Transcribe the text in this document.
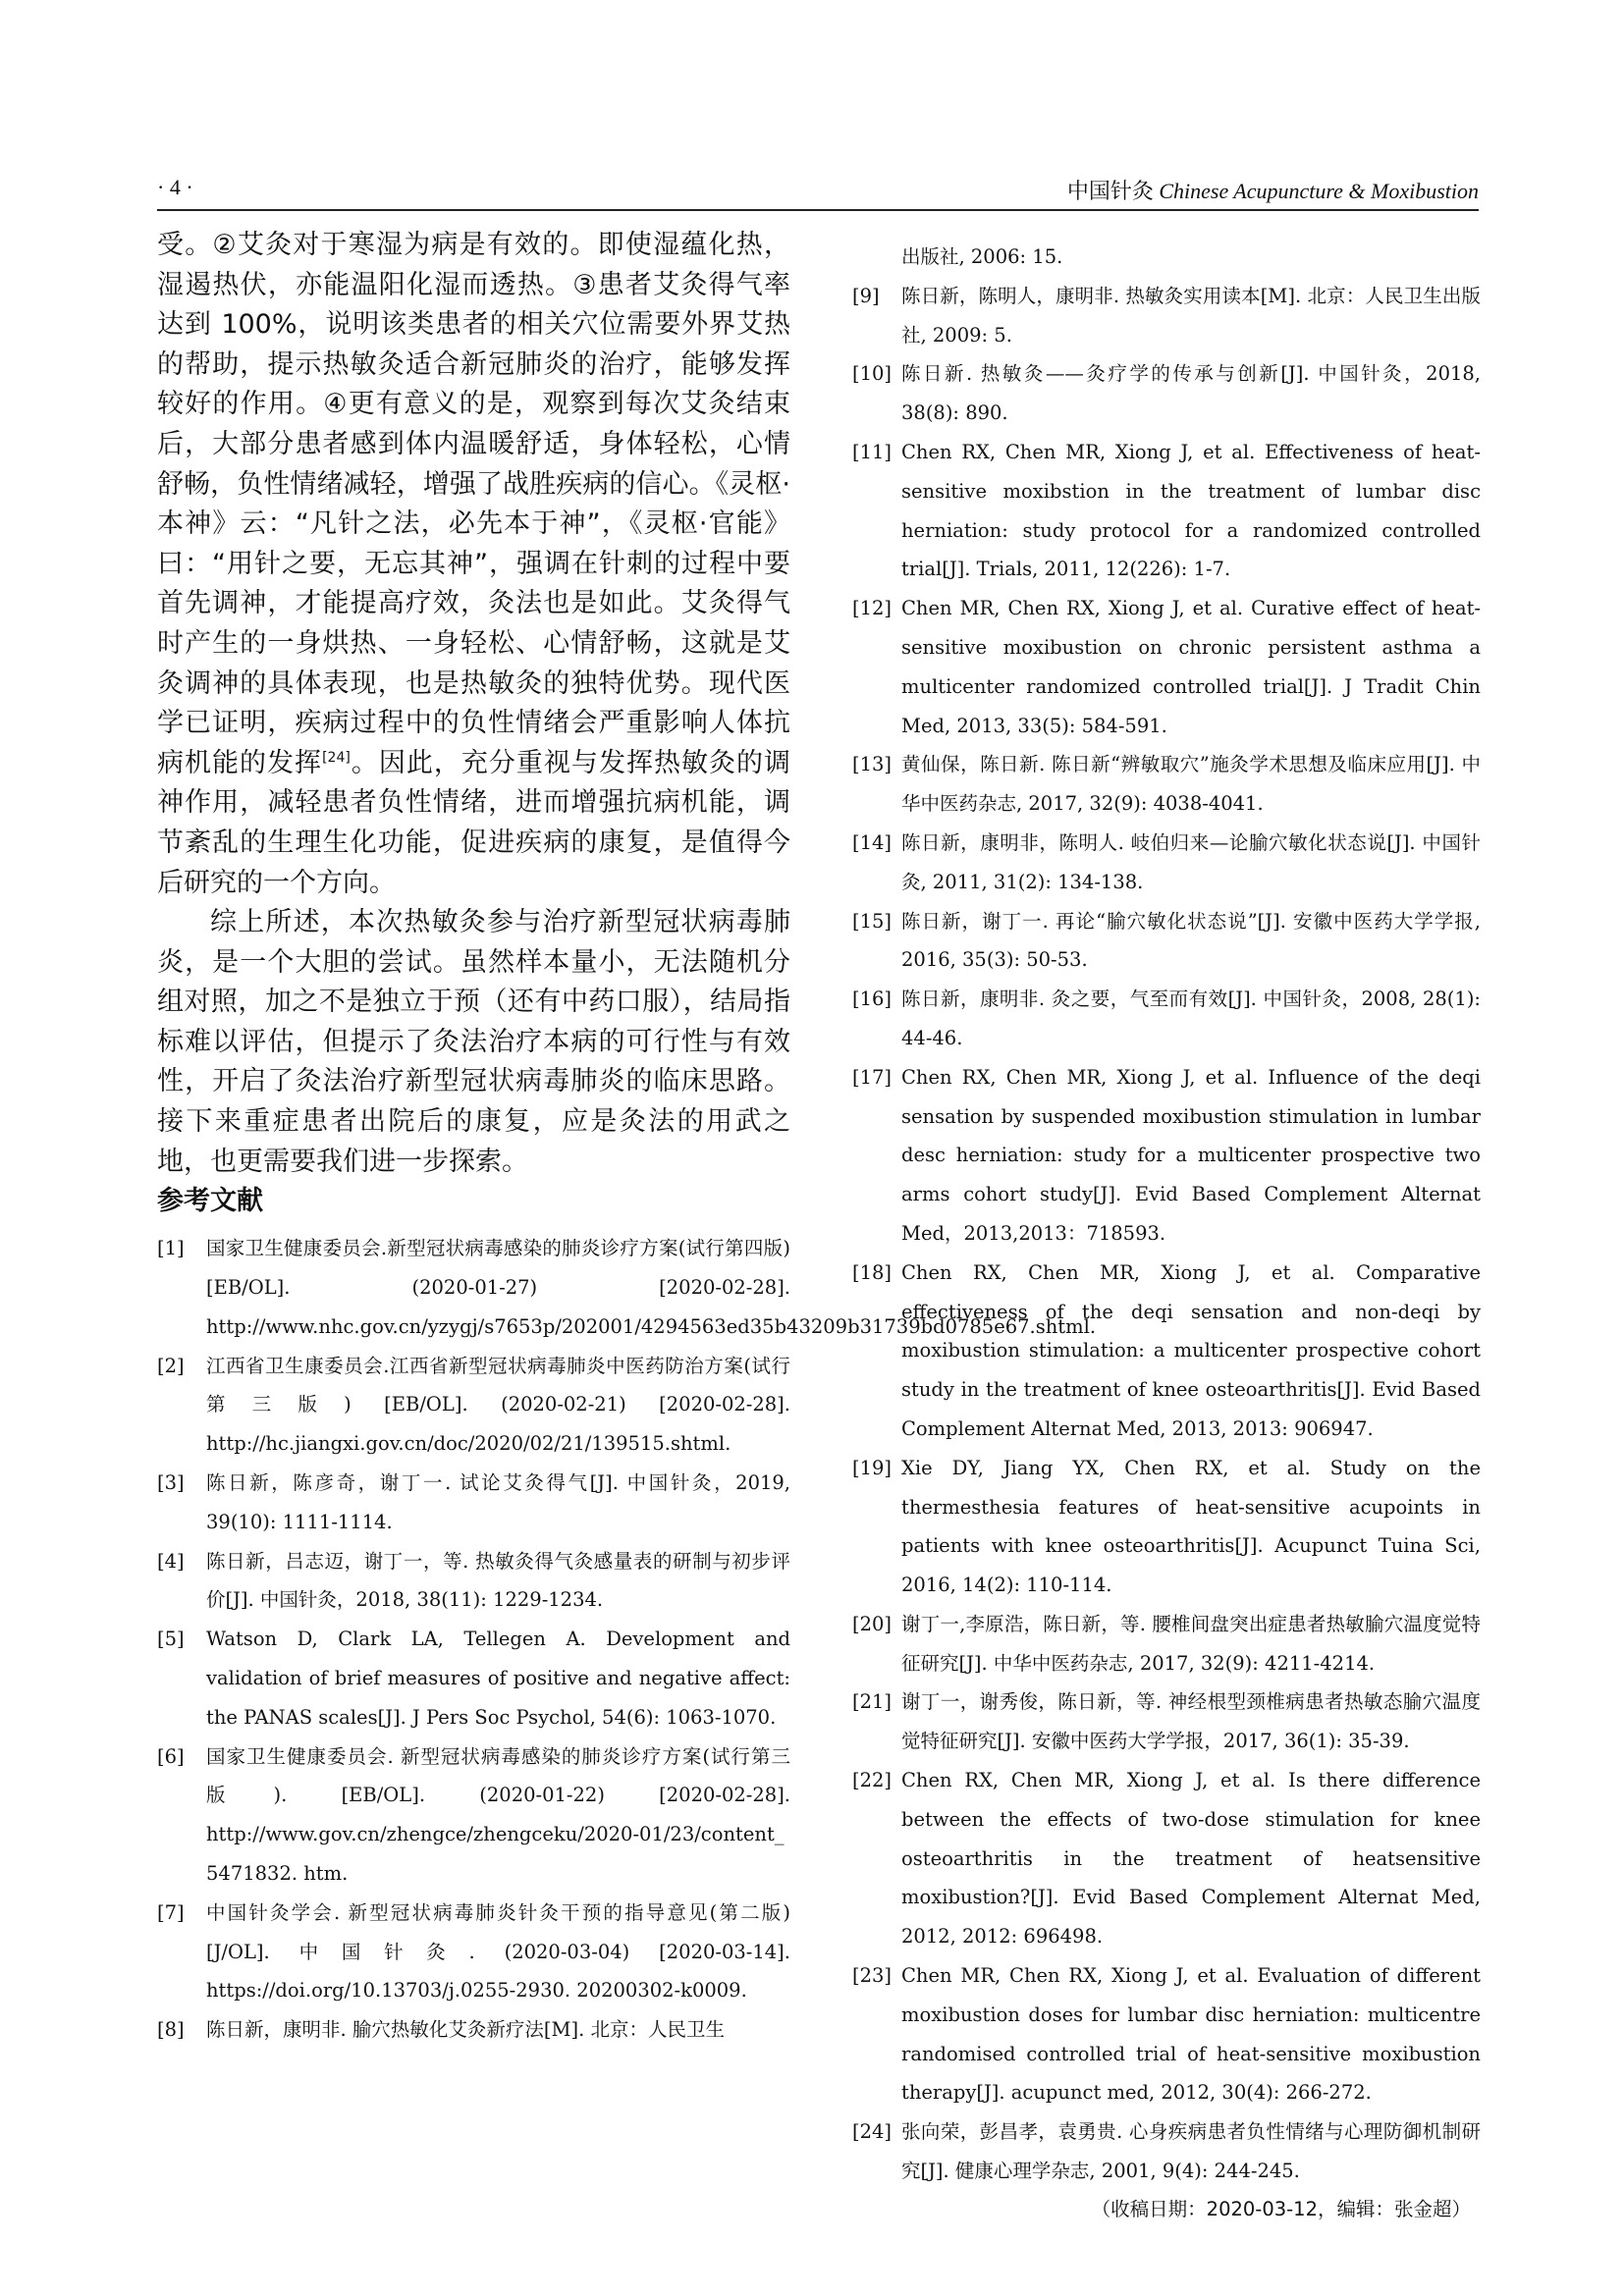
· 4 ·	中国针灸 Chinese Acupuncture & Moxibustion

受。②艾灸对于寒湿为病是有效的。即使湿蕴化热，湿遏热伏，亦能温阳化湿而透热。③患者艾灸得气率达到 100%，说明该类患者的相关穴位需要外界艾热的帮助，提示热敏灸适合新冠肺炎的治疗，能够发挥较好的作用。④更有意义的是，观察到每次艾灸结束后，大部分患者感到体内温暖舒适，身体轻松，心情舒畅，负性情绪减轻，增强了战胜疾病的信心。《灵枢·本神》云：“凡针之法，必先本于神”，《灵枢·官能》曰：“用针之要，无忘其神”，强调在针刺的过程中要首先调神，才能提高疗效，灸法也是如此。艾灸得气时产生的一身烘热、一身轻松、心情舒畅，这就是艾灸调神的具体表现，也是热敏灸的独特优势。现代医学已证明，疾病过程中的负性情绪会严重影响人体抗病机能的发挥[24]。因此，充分重视与发挥热敏灸的调神作用，减轻患者负性情绪，进而增强抗病机能，调节紊乱的生理生化功能，促进疾病的康复，是值得今后研究的一个方向。

综上所述，本次热敏灸参与治疗新型冠状病毒肺炎，是一个大胆的尝试。虽然样本量小，无法随机分组对照，加之不是独立于预（还有中药口服），结局指标难以评估，但提示了灸法治疗本病的可行性与有效性，开启了灸法治疗新型冠状病毒肺炎的临床思路。接下来重症患者出院后的康复，应是灸法的用武之地，也更需要我们进一步探索。

参考文献
[1] 国家卫生健康委员会.新型冠状病毒感染的肺炎诊疗方案(试行第四版)[EB/OL]. (2020-01-27) [2020-02-28]. http://www.nhc.gov.cn/yzygj/s7653p/202001/4294563ed35b43209b31739bd0785e67.shtml.
[2] 江西省卫生康委员会.江西省新型冠状病毒肺炎中医药防治方案(试行第三版) [EB/OL]. (2020-02-21) [2020-02-28]. http://hc.jiangxi.gov.cn/doc/2020/02/21/139515.shtml.
[3] 陈日新，陈彦奇，谢丁一. 试论艾灸得气[J]. 中国针灸，2019, 39(10): 1111-1114.
[4] 陈日新，吕志迈，谢丁一，等. 热敏灸得气灸感量表的研制与初步评价[J]. 中国针灸，2018, 38(11): 1229-1234.
[5] Watson D, Clark LA, Tellegen A. Development and validation of brief measures of positive and negative affect: the PANAS scales[J]. J Pers Soc Psychol, 54(6): 1063-1070.
[6] 国家卫生健康委员会. 新型冠状病毒感染的肺炎诊疗方案(试行第三版). [EB/OL]. (2020-01-22) [2020-02-28]. http://www.gov.cn/zhengce/zhengceku/2020-01/23/content_ 5471832. htm.
[7] 中国针灸学会. 新型冠状病毒肺炎针灸干预的指导意见(第二版)[J/OL]. 中国针灸. (2020-03-04) [2020-03-14]. https://doi.org/10.13703/j.0255-2930. 20200302-k0009.
[8] 陈日新，康明非. 腧穴热敏化艾灸新疗法[M]. 北京：人民卫生
出版社, 2006: 15.
[9] 陈日新，陈明人，康明非. 热敏灸实用读本[M]. 北京：人民卫生出版社, 2009: 5.
[10] 陈日新. 热敏灸——灸疗学的传承与创新[J]. 中国针灸，2018, 38(8): 890.
[11] Chen RX, Chen MR, Xiong J, et al. Effectiveness of heat-sensitive moxibstion in the treatment of lumbar disc herniation: study protocol for a randomized controlled trial[J]. Trials, 2011, 12(226): 1-7.
[12] Chen MR, Chen RX, Xiong J, et al. Curative effect of heat-sensitive moxibustion on chronic persistent asthma a multicenter randomized controlled trial[J]. J Tradit Chin Med, 2013, 33(5): 584-591.
[13] 黄仙保，陈日新. 陈日新“辨敏取穴”施灸学术思想及临床应用[J]. 中华中医药杂志, 2017, 32(9): 4038-4041.
[14] 陈日新，康明非，陈明人. 岐伯归来—论腧穴敏化状态说[J]. 中国针灸, 2011, 31(2): 134-138.
[15] 陈日新，谢丁一. 再论“腧穴敏化状态说”[J]. 安徽中医药大学学报, 2016, 35(3): 50-53.
[16] 陈日新，康明非. 灸之要，气至而有效[J]. 中国针灸，2008, 28(1): 44-46.
[17] Chen RX, Chen MR, Xiong J, et al. Influence of the deqi sensation by suspended moxibustion stimulation in lumbar desc herniation: study for a multicenter prospective two arms cohort study[J]. Evid Based Complement Alternat Med，2013,2013：718593.
[18] Chen RX, Chen MR, Xiong J, et al. Comparative effectiveness of the deqi sensation and non-deqi by moxibustion stimulation: a multicenter prospective cohort study in the treatment of knee osteoarthritis[J]. Evid Based Complement Alternat Med, 2013, 2013: 906947.
[19] Xie DY, Jiang YX, Chen RX, et al. Study on the thermesthesia features of heat-sensitive acupoints in patients with knee osteoarthritis[J]. Acupunct Tuina Sci, 2016, 14(2): 110-114.
[20] 谢丁一,李原浩，陈日新，等. 腰椎间盘突出症患者热敏腧穴温度觉特征研究[J]. 中华中医药杂志, 2017, 32(9): 4211-4214.
[21] 谢丁一，谢秀俊，陈日新，等. 神经根型颈椎病患者热敏态腧穴温度觉特征研究[J]. 安徽中医药大学学报，2017, 36(1): 35-39.
[22] Chen RX, Chen MR, Xiong J, et al. Is there difference between the effects of two-dose stimulation for knee osteoarthritis in the treatment of heatsensitive moxibustion?[J]. Evid Based Complement Alternat Med, 2012, 2012: 696498.
[23] Chen MR, Chen RX, Xiong J, et al. Evaluation of different moxibustion doses for lumbar disc herniation: multicentre randomised controlled trial of heat-sensitive moxibustion therapy[J]. acupunct med, 2012, 30(4): 266-272.
[24] 张向荣，彭昌孝，袁勇贵. 心身疾病患者负性情绪与心理防御机制研究[J]. 健康心理学杂志, 2001, 9(4): 244-245.
（收稿日期：2020-03-12，编辑：张金超）
